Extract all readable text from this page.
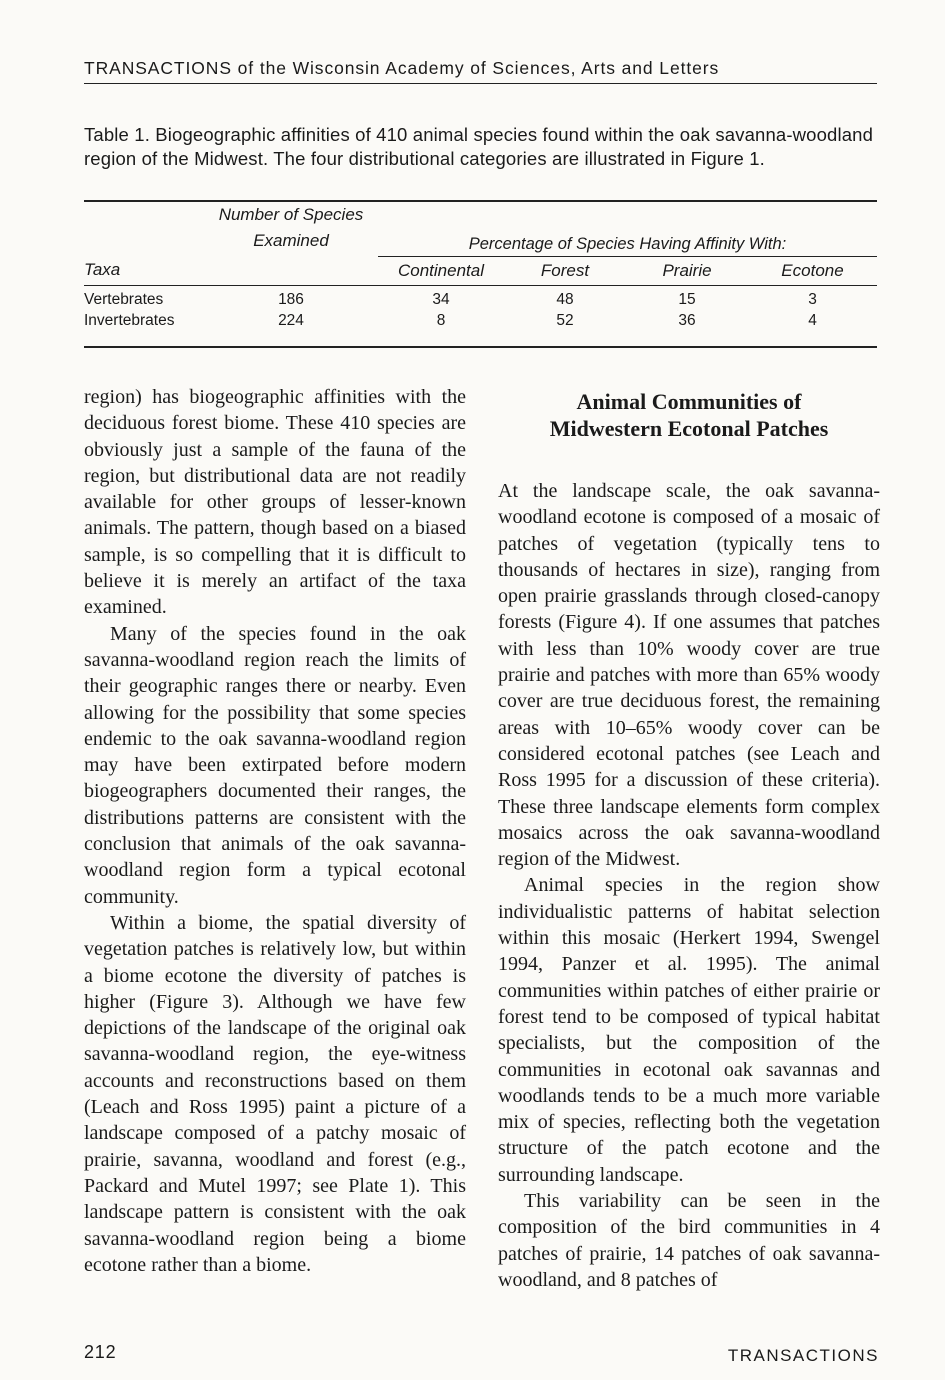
TRANSACTIONS of the Wisconsin Academy of Sciences, Arts and Letters
Table 1. Biogeographic affinities of 410 animal species found within the oak savanna-woodland region of the Midwest. The four distributional categories are illustrated in Figure 1.
	Number of Species Examined	Percentage of Species Having Affinity With:			
Taxa		Continental	Forest	Prairie	Ecotone
Vertebrates	186	34	48	15	3
Invertebrates	224	8	52	36	4

region) has biogeographic affinities with the deciduous forest biome. These 410 species are obviously just a sample of the fauna of the region, but distributional data are not readily available for other groups of lesser-known animals. The pattern, though based on a biased sample, is so compelling that it is difficult to believe it is merely an artifact of the taxa examined.

Many of the species found in the oak savanna-woodland region reach the limits of their geographic ranges there or nearby. Even allowing for the possibility that some species endemic to the oak savanna-woodland region may have been extirpated before modern biogeographers documented their ranges, the distributions patterns are consistent with the conclusion that animals of the oak savanna-woodland region form a typical ecotonal community.

Within a biome, the spatial diversity of vegetation patches is relatively low, but within a biome ecotone the diversity of patches is higher (Figure 3). Although we have few depictions of the landscape of the original oak savanna-woodland region, the eye-witness accounts and reconstructions based on them (Leach and Ross 1995) paint a picture of a landscape composed of a patchy mosaic of prairie, savanna, woodland and forest (e.g., Packard and Mutel 1997; see Plate 1). This landscape pattern is consistent with the oak savanna-woodland region being a biome ecotone rather than a biome.

Animal Communities of
Midwestern Ecotonal Patches

At the landscape scale, the oak savanna-woodland ecotone is composed of a mosaic of patches of vegetation (typically tens to thousands of hectares in size), ranging from open prairie grasslands through closed-canopy forests (Figure 4). If one assumes that patches with less than 10% woody cover are true prairie and patches with more than 65% woody cover are true deciduous forest, the remaining areas with 10–65% woody cover can be considered ecotonal patches (see Leach and Ross 1995 for a discussion of these criteria). These three landscape elements form complex mosaics across the oak savanna-woodland region of the Midwest.

Animal species in the region show individualistic patterns of habitat selection within this mosaic (Herkert 1994, Swengel 1994, Panzer et al. 1995). The animal communities within patches of either prairie or forest tend to be composed of typical habitat specialists, but the composition of the communities in ecotonal oak savannas and woodlands tends to be a much more variable mix of species, reflecting both the vegetation structure of the patch ecotone and the surrounding landscape.

This variability can be seen in the composition of the bird communities in 4 patches of prairie, 14 patches of oak savanna-woodland, and 8 patches of

212	TRANSACTIONS
